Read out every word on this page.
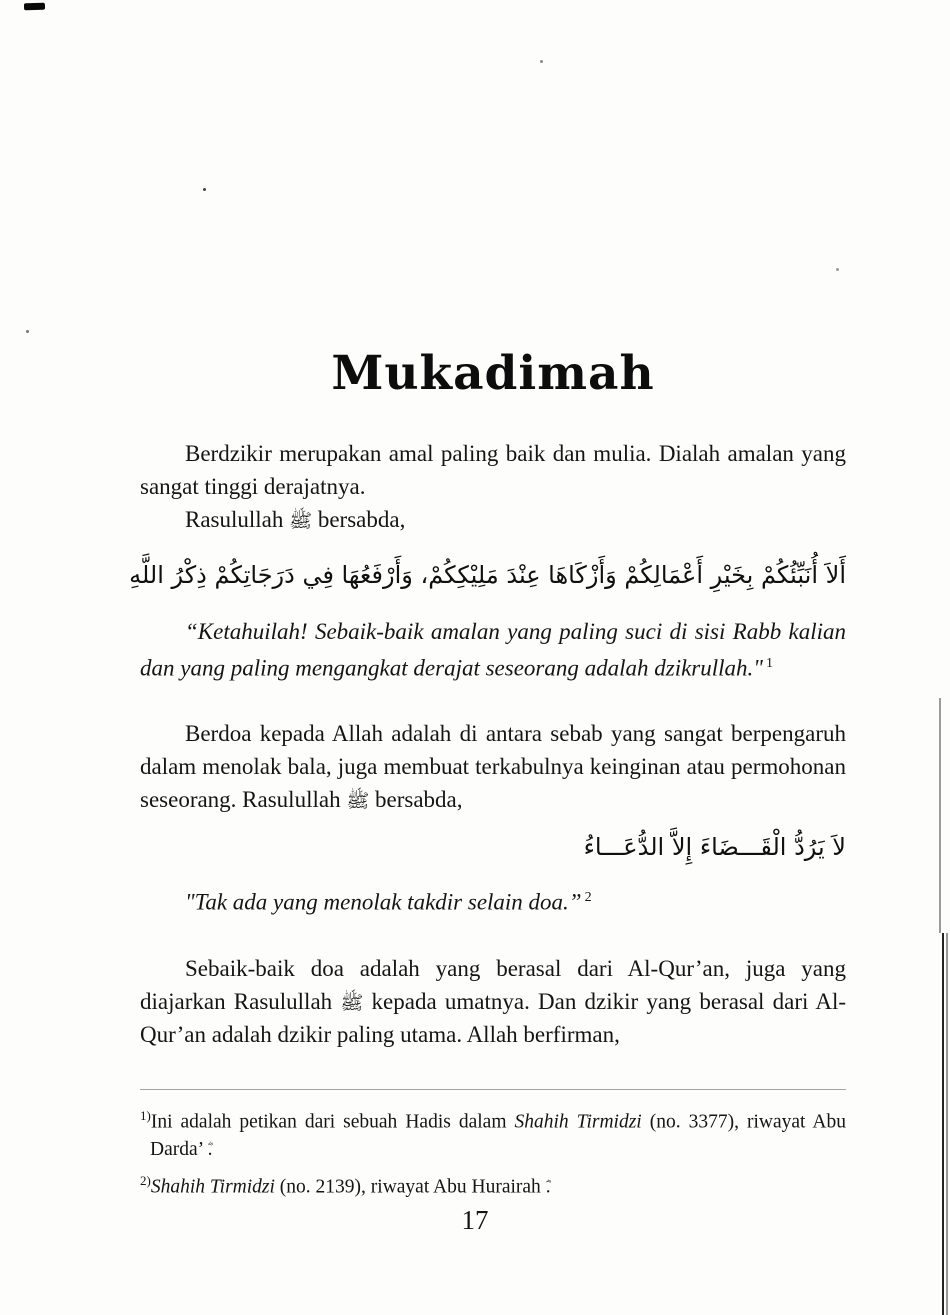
Mukadimah

Berdzikir merupakan amal paling baik dan mulia. Dialah amalan yang sangat tinggi derajatnya.

Rasulullah ﷺ bersabda,

أَلاَ أُنَبِّئُكُمْ بِخَيْرِ أَعْمَالِكُمْ وَأَزْكَاهَا عِنْدَ مَلِيْكِكُمْ، وَأَرْفَعُهَا فِي دَرَجَاتِكُمْ ذِكْرُ اللَّهِ

“Ketahuilah! Sebaik-baik amalan yang paling suci di sisi Rabb kalian dan yang paling mengangkat derajat seseorang adalah dzikrullah." $^1$

Berdoa kepada Allah adalah di antara sebab yang sangat berpengaruh dalam menolak bala, juga membuat terkabulnya keinginan atau permohonan seseorang. Rasulullah ﷺ bersabda,

لاَ يَرُدُّ الْقَـــضَاءَ إِلاَّ الدُّعَـــاءُ

"Tak ada yang menolak takdir selain doa.” $^2$

Sebaik-baik doa adalah yang berasal dari Al-Qur’an, juga yang diajarkan Rasulullah ﷺ kepada umatnya. Dan dzikir yang berasal dari Al-Qur’an adalah dzikir paling utama. Allah berfirman,

$^{1)}$Ini adalah petikan dari sebuah Hadis dalam Shahih Tirmidzi (no. 3377), riwayat Abu Darda’ .

$^{2)}$Shahih Tirmidzi (no. 2139), riwayat Abu Hurairah .

17
